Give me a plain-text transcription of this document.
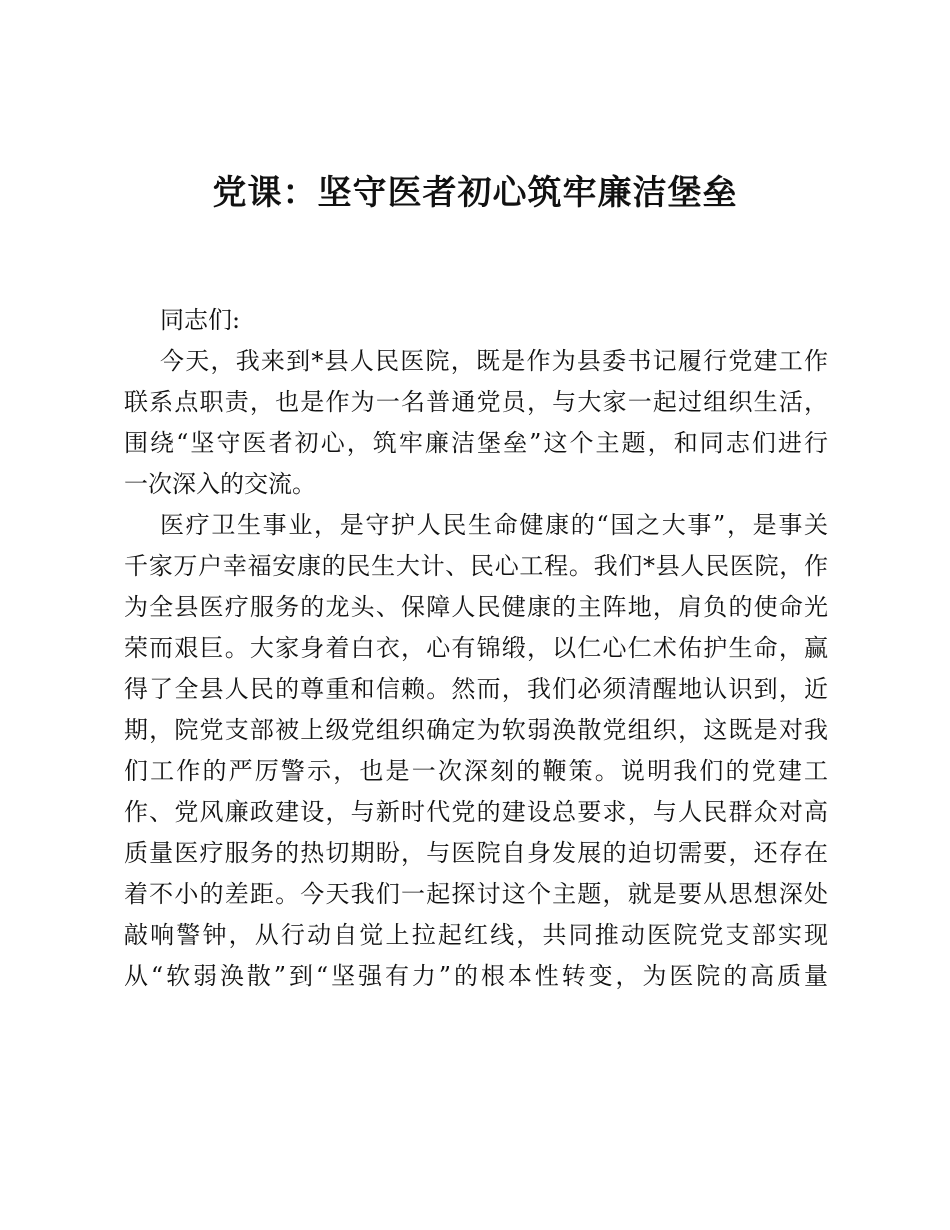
党课：坚守医者初心筑牢廉洁堡垒
同志们:
今天，我来到*县人民医院，既是作为县委书记履行党建工作
联系点职责，也是作为一名普通党员，与大家一起过组织生活，
围绕“坚守医者初心，筑牢廉洁堡垒”这个主题，和同志们进行
一次深入的交流。
医疗卫生事业，是守护人民生命健康的“国之大事”，是事关
千家万户幸福安康的民生大计、民心工程。我们*县人民医院，作
为全县医疗服务的龙头、保障人民健康的主阵地，肩负的使命光
荣而艰巨。大家身着白衣，心有锦缎，以仁心仁术佑护生命，赢
得了全县人民的尊重和信赖。然而，我们必须清醒地认识到，近
期，院党支部被上级党组织确定为软弱涣散党组织，这既是对我
们工作的严厉警示，也是一次深刻的鞭策。说明我们的党建工
作、党风廉政建设，与新时代党的建设总要求，与人民群众对高
质量医疗服务的热切期盼，与医院自身发展的迫切需要，还存在
着不小的差距。今天我们一起探讨这个主题，就是要从思想深处
敲响警钟，从行动自觉上拉起红线，共同推动医院党支部实现
从“软弱涣散”到“坚强有力”的根本性转变，为医院的高质量
